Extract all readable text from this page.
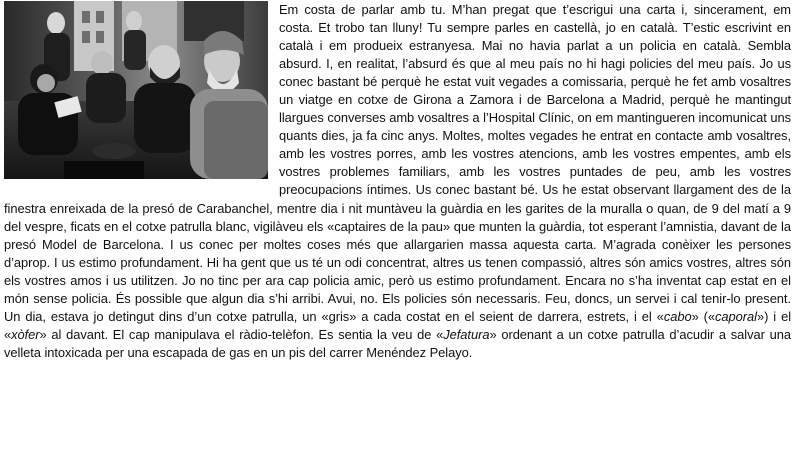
Em costa de parlar amb tu. M’han pregat que t’escrigui una carta i, sincerament, em costa. Et trobo tan lluny! Tu sempre parles en castellà, jo en català. T’estic escrivint en català i em produeix estranyesa. Mai no havia parlat a un policia en català. Sembla absurd. I, en realitat, l’absurd és que al meu país no hi hagi policies del meu país. Jo us conec bastant bé perquè he estat vuit vegades a comissaria, perquè he fet amb vosaltres un viatge en cotxe de Girona a Zamora i de Barcelona a Madrid, perquè he mantingut llargues converses amb vosaltres a l’Hospital Clínic, on em mantingueren incomunicat uns quants dies, ja fa cinc anys. Moltes, moltes vegades he entrat en contacte amb vosaltres, amb les vostres porres, amb les vostres atencions, amb les vostres empentes, amb els vostres problemes familiars, amb les vostres puntades de peu, amb les vostres preocupacions íntimes. Us conec bastant bé. Us he estat observant llargament des de la finestra enreixada de la presó de Carabanchel, mentre dia i nit muntàveu la guàrdia en les garites de la muralla o quan, de 9 del matí a 9 del vespre, ficats en el cotxe patrulla blanc, vigilàveu els «captaires de la pau» que munten la guàrdia, tot esperant l’amnistia, davant de la presó Model de Barcelona. I us conec per moltes coses més que allargarien massa aquesta carta. M’agrada conèixer les persones d’aprop. I us estimo profundament. Hi ha gent que us té un odi concentrat, altres us tenen compassió, altres són amics vostres, altres són els vostres amos i us utilitzen. Jo no tinc per ara cap policia amic, però us estimo profundament. Encara no s’ha inventat cap estat en el món sense policia. És possible que algun dia s’hi arribi. Avui, no. Els policies són necessaris. Feu, doncs, un servei i cal tenir-lo present. Un dia, estava jo detingut dins d’un cotxe patrulla, un «gris» a cada costat en el seient de darrera, estrets, i el «cabo» («caporal») i el «xòfer» al davant. El cap manipulava el ràdio-telèfon. Es sentia la veu de «Jefatura» ordenant a un cotxe patrulla d’acudir a salvar una velleta intoxicada per una escapada de gas en un pis del carrer Menéndez Pelayo.
